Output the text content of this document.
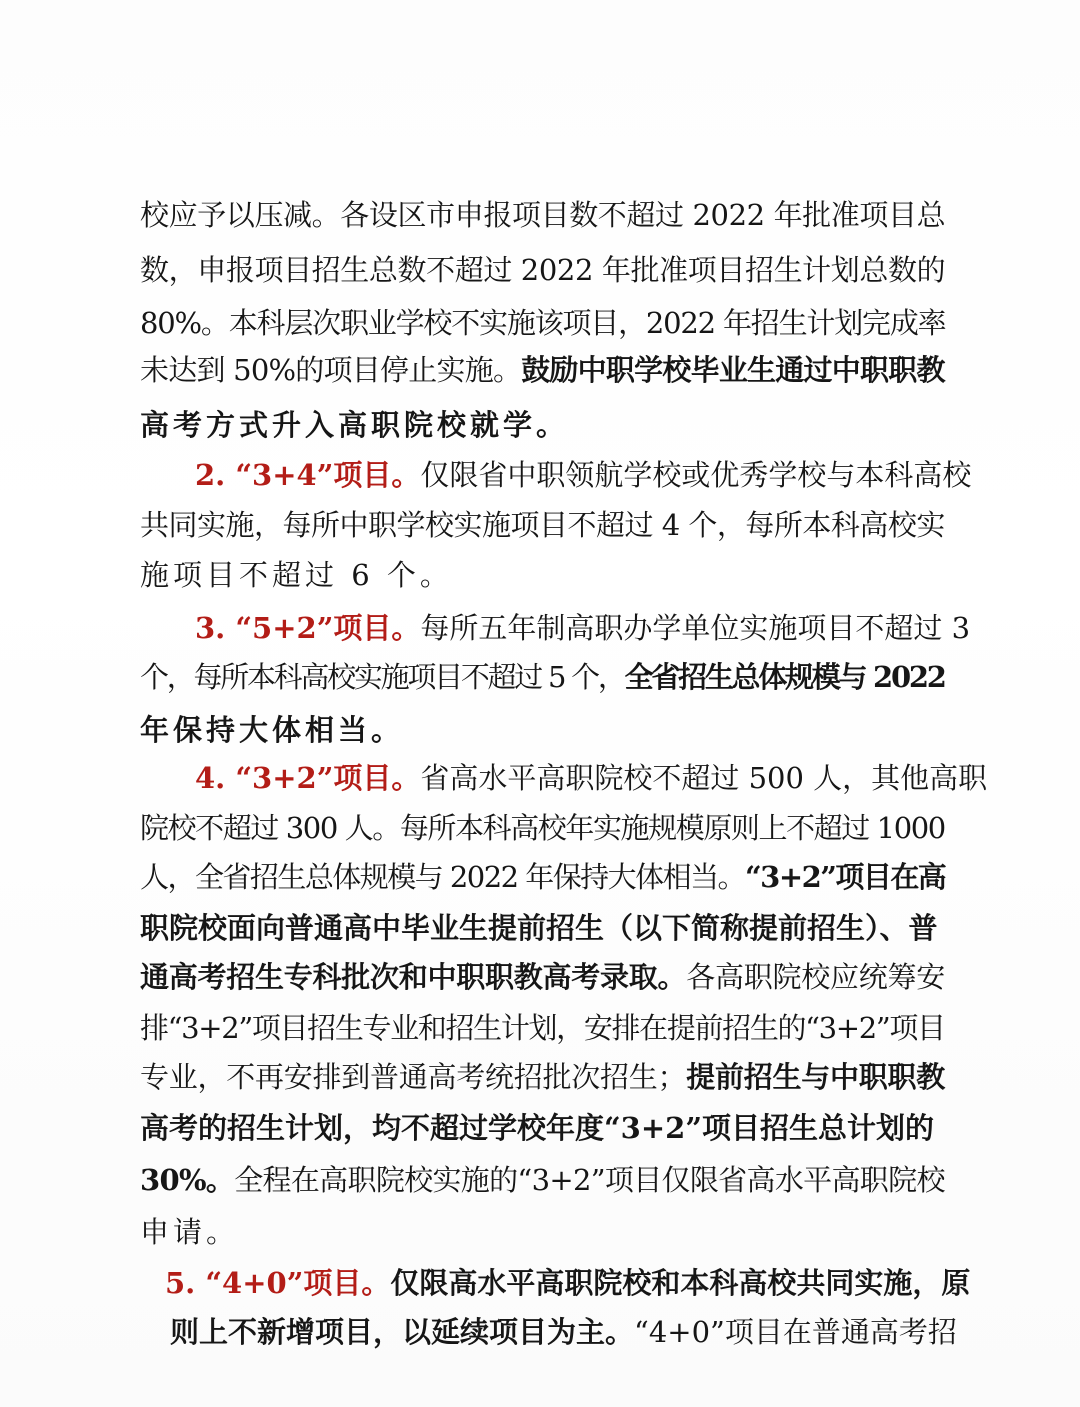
校应予以压减。各设区市申报项目数不超过 2022 年批准项目总
数，申报项目招生总数不超过 2022 年批准项目招生计划总数的
80%。本科层次职业学校不实施该项目，2022 年招生计划完成率
未达到 50%的项目停止实施。鼓励中职学校毕业生通过中职职教
高考方式升入高职院校就学。
2. “3+4”项目。仅限省中职领航学校或优秀学校与本科高校
共同实施，每所中职学校实施项目不超过 4 个，每所本科高校实
施项目不超过 6 个。
3. “5+2”项目。每所五年制高职办学单位实施项目不超过 3
个，每所本科高校实施项目不超过 5 个，全省招生总体规模与 2022
年保持大体相当。
4. “3+2”项目。省高水平高职院校不超过 500 人，其他高职
院校不超过 300 人。每所本科高校年实施规模原则上不超过 1000
人，全省招生总体规模与 2022 年保持大体相当。“3+2”项目在高
职院校面向普通高中毕业生提前招生（以下简称提前招生）、普
通高考招生专科批次和中职职教高考录取。各高职院校应统筹安
排“3+2”项目招生专业和招生计划，安排在提前招生的“3+2”项目
专业，不再安排到普通高考统招批次招生；提前招生与中职职教
高考的招生计划，均不超过学校年度“3+2”项目招生总计划的
30%。全程在高职院校实施的“3+2”项目仅限省高水平高职院校
申请。
5. “4+0”项目。仅限高水平高职院校和本科高校共同实施，原
则上不新增项目，以延续项目为主。“4+0”项目在普通高考招
